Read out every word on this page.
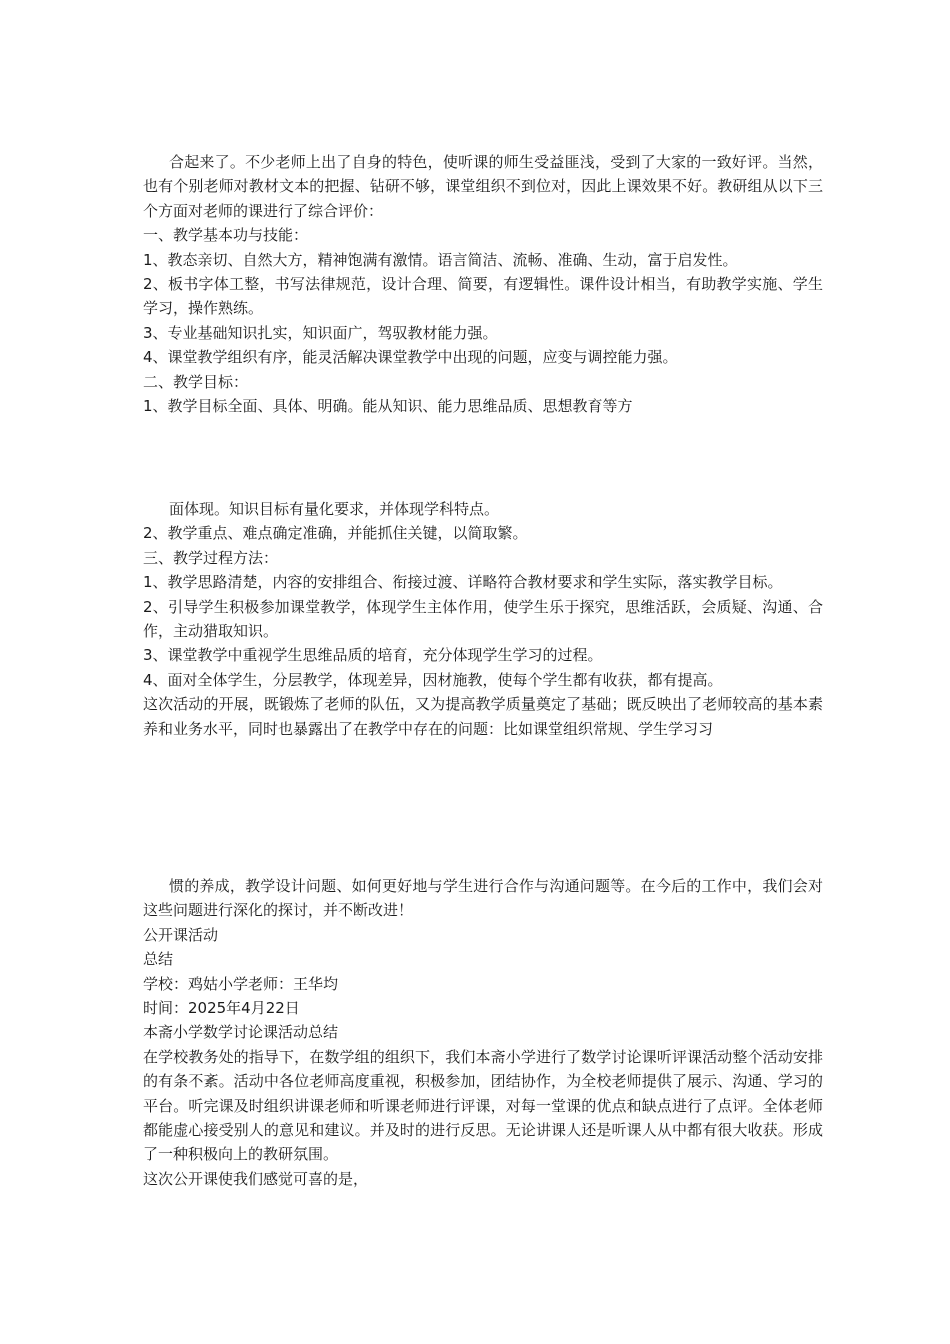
合起来了。不少老师上出了自身的特色，使听课的师生受益匪浅，受到了大家的一致好评。当然，也有个别老师对教材文本的把握、钻研不够，课堂组织不到位对，因此上课效果不好。教研组从以下三个方面对老师的课进行了综合评价：

一、教学基本功与技能：

1、教态亲切、自然大方，精神饱满有激情。语言简洁、流畅、准确、生动，富于启发性。

2、板书字体工整，书写法律规范，设计合理、简要，有逻辑性。课件设计相当，有助教学实施、学生学习，操作熟练。

3、专业基础知识扎实，知识面广，驾驭教材能力强。

4、课堂教学组织有序，能灵活解决课堂教学中出现的问题，应变与调控能力强。

二、教学目标：

1、教学目标全面、具体、明确。能从知识、能力思维品质、思想教育等方

面体现。知识目标有量化要求，并体现学科特点。

2、教学重点、难点确定准确，并能抓住关键，以简取繁。

三、教学过程方法：

1、教学思路清楚，内容的安排组合、衔接过渡、详略符合教材要求和学生实际，落实教学目标。

2、引导学生积极参加课堂教学，体现学生主体作用，使学生乐于探究，思维活跃，会质疑、沟通、合作，主动猎取知识。

3、课堂教学中重视学生思维品质的培育，充分体现学生学习的过程。

4、面对全体学生，分层教学，体现差异，因材施教，使每个学生都有收获，都有提高。

这次活动的开展，既锻炼了老师的队伍，又为提高教学质量奠定了基础；既反映出了老师较高的基本素养和业务水平，同时也暴露出了在教学中存在的问题：比如课堂组织常规、学生学习习

惯的养成，教学设计问题、如何更好地与学生进行合作与沟通问题等。在今后的工作中，我们会对这些问题进行深化的探讨，并不断改进！

公开课活动

总结

学校：鸡姑小学老师：王华均

时间：2025年4月22日

本斋小学数学讨论课活动总结

在学校教务处的指导下，在数学组的组织下，我们本斋小学进行了数学讨论课听评课活动整个活动安排的有条不紊。活动中各位老师高度重视，积极参加，团结协作，为全校老师提供了展示、沟通、学习的平台。听完课及时组织讲课老师和听课老师进行评课，对每一堂课的优点和缺点进行了点评。全体老师都能虚心接受别人的意见和建议。并及时的进行反思。无论讲课人还是听课人从中都有很大收获。形成了一种积极向上的教研氛围。

这次公开课使我们感觉可喜的是，
